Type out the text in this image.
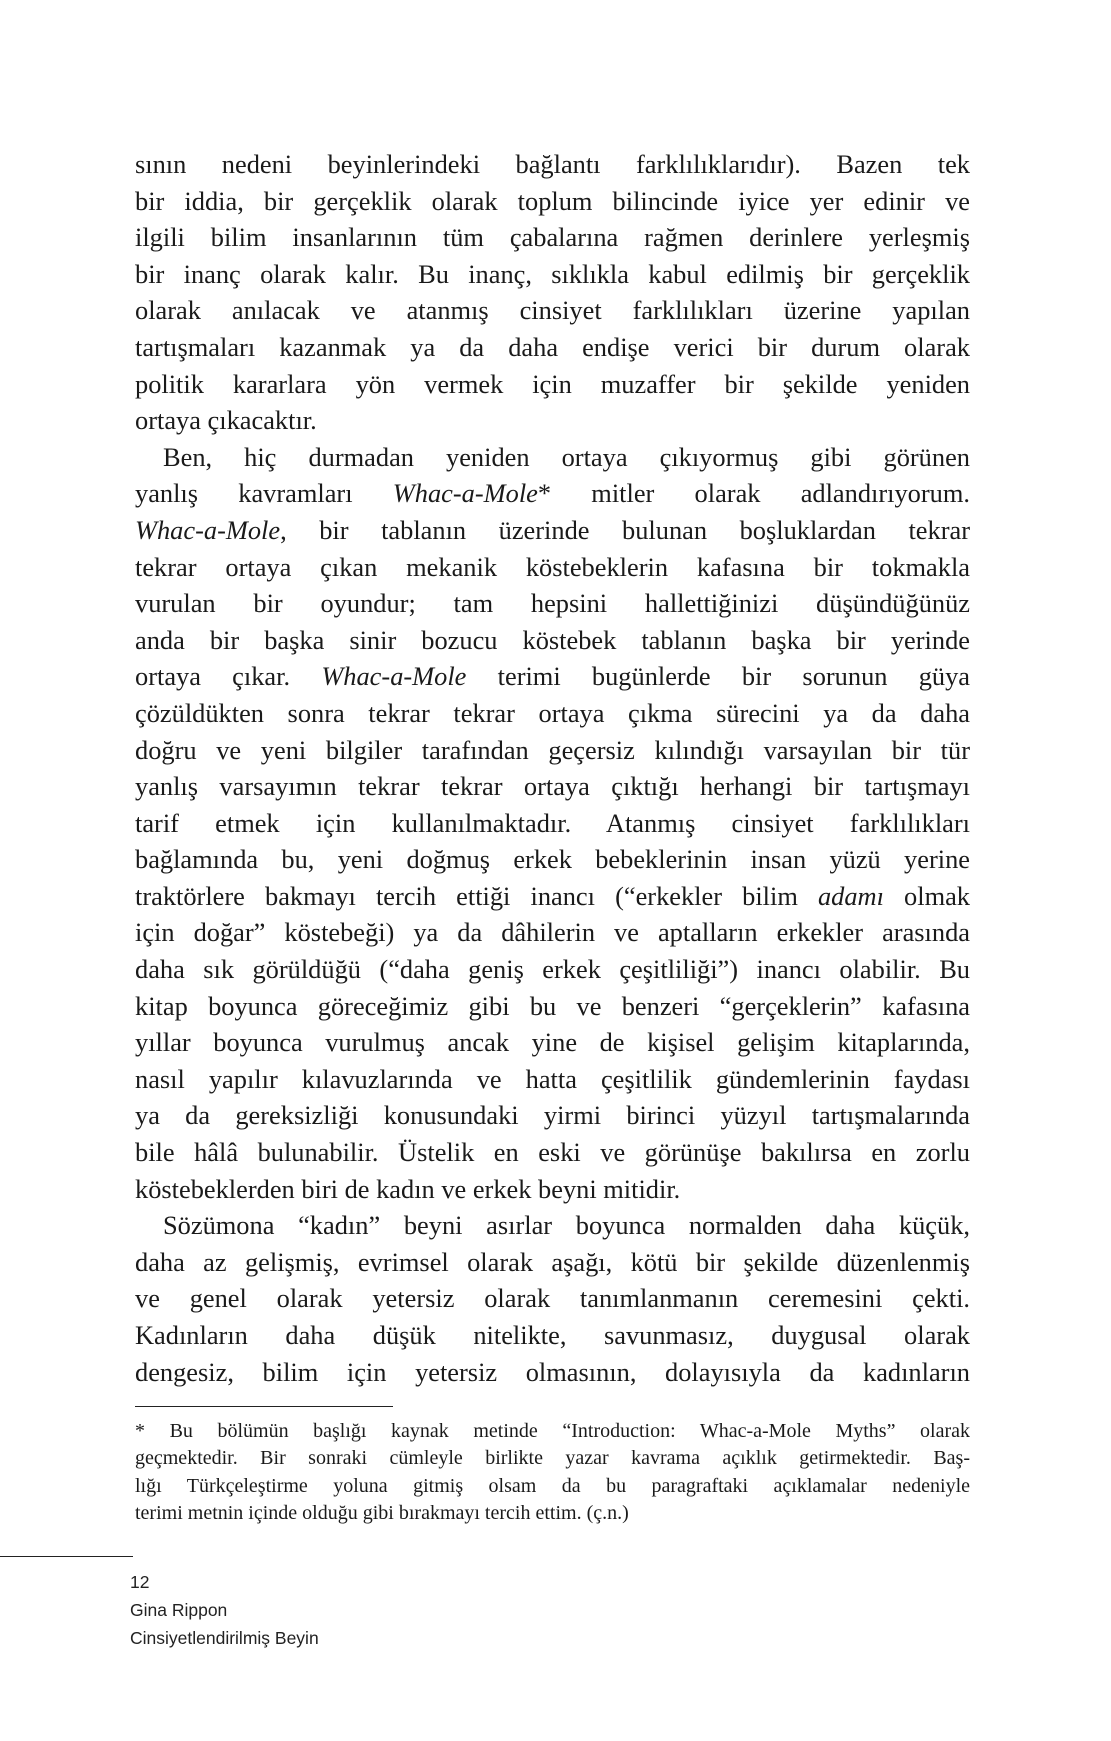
sının nedeni beyinlerindeki bağlantı farklılıklarıdır). Bazen tek
bir iddia, bir gerçeklik olarak toplum bilincinde iyice yer edinir ve
ilgili bilim insanlarının tüm çabalarına rağmen derinlere yerleşmiş
bir inanç olarak kalır. Bu inanç, sıklıkla kabul edilmiş bir gerçeklik
olarak anılacak ve atanmış cinsiyet farklılıkları üzerine yapılan
tartışmaları kazanmak ya da daha endişe verici bir durum olarak
politik kararlara yön vermek için muzaffer bir şekilde yeniden
ortaya çıkacaktır.
Ben, hiç durmadan yeniden ortaya çıkıyormuş gibi görünen
yanlış kavramları Whac-a-Mole* mitler olarak adlandırıyorum.
Whac-a-Mole, bir tablanın üzerinde bulunan boşluklardan tekrar
tekrar ortaya çıkan mekanik köstebeklerin kafasına bir tokmakla
vurulan bir oyundur; tam hepsini hallettiğinizi düşündüğünüz
anda bir başka sinir bozucu köstebek tablanın başka bir yerinde
ortaya çıkar. Whac-a-Mole terimi bugünlerde bir sorunun güya
çözüldükten sonra tekrar tekrar ortaya çıkma sürecini ya da daha
doğru ve yeni bilgiler tarafından geçersiz kılındığı varsayılan bir tür
yanlış varsayımın tekrar tekrar ortaya çıktığı herhangi bir tartışmayı
tarif etmek için kullanılmaktadır. Atanmış cinsiyet farklılıkları
bağlamında bu, yeni doğmuş erkek bebeklerinin insan yüzü yerine
traktörlere bakmayı tercih ettiği inancı (“erkekler bilim adamı olmak
için doğar” köstebeği) ya da dâhilerin ve aptalların erkekler arasında
daha sık görüldüğü (“daha geniş erkek çeşitliliği”) inancı olabilir. Bu
kitap boyunca göreceğimiz gibi bu ve benzeri “gerçeklerin” kafasına
yıllar boyunca vurulmuş ancak yine de kişisel gelişim kitaplarında,
nasıl yapılır kılavuzlarında ve hatta çeşitlilik gündemlerinin faydası
ya da gereksizliği konusundaki yirmi birinci yüzyıl tartışmalarında
bile hâlâ bulunabilir. Üstelik en eski ve görünüşe bakılırsa en zorlu
köstebeklerden biri de kadın ve erkek beyni mitidir.
Sözümona “kadın” beyni asırlar boyunca normalden daha küçük,
daha az gelişmiş, evrimsel olarak aşağı, kötü bir şekilde düzenlenmiş
ve genel olarak yetersiz olarak tanımlanmanın ceremesini çekti.
Kadınların daha düşük nitelikte, savunmasız, duygusal olarak
dengesiz, bilim için yetersiz olmasının, dolayısıyla da kadınların
* Bu bölümün başlığı kaynak metinde “Introduction: Whac-a-Mole Myths” olarak
geçmektedir. Bir sonraki cümleyle birlikte yazar kavrama açıklık getirmektedir. Baş-
lığı Türkçeleştirme yoluna gitmiş olsam da bu paragraftaki açıklamalar nedeniyle
terimi metnin içinde olduğu gibi bırakmayı tercih ettim. (ç.n.)
12
Gina Rippon
Cinsiyetlendirilmiş Beyin
